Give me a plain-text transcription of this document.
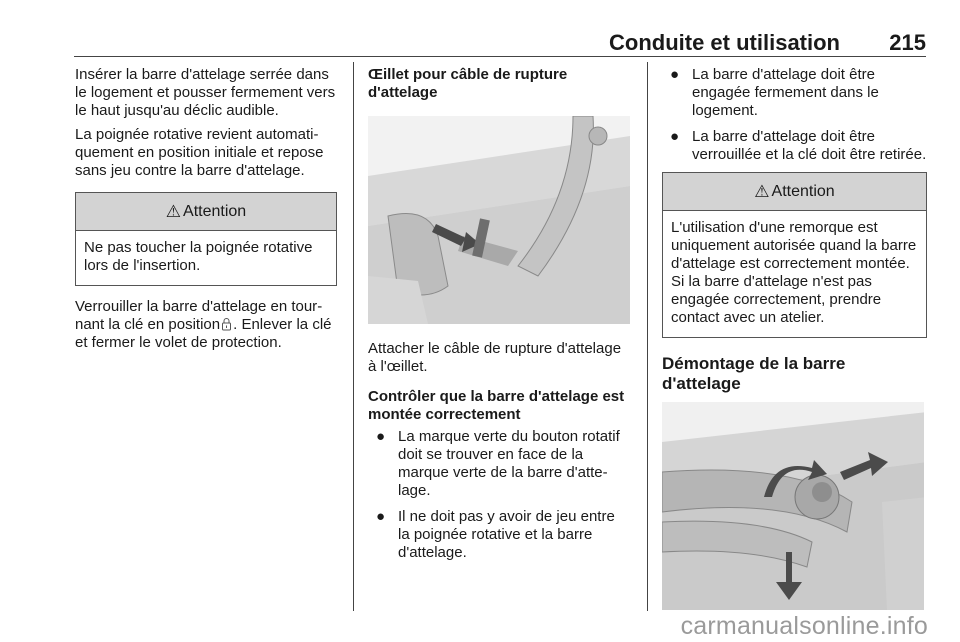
Conduite et utilisation 215

Insérer la barre d'attelage serrée dans le logement et pousser fermement vers le haut jusqu'au déclic audible.

La poignée rotative revient automatiquement en position initiale et repose sans jeu contre la barre d'attelage.

⚠ Attention
Ne pas toucher la poignée rotative lors de l'insertion.

Verrouiller la barre d'attelage en tournant la clé en position . Enlever la clé et fermer le volet de protection.

Œillet pour câble de rupture d'attelage

Attacher le câble de rupture d'attelage à l'œillet.

Contrôler que la barre d'attelage est montée correctement

● La marque verte du bouton rotatif doit se trouver en face de la marque verte de la barre d'attelage.
● Il ne doit pas y avoir de jeu entre la poignée rotative et la barre d'attelage.
● La barre d'attelage doit être engagée fermement dans le logement.
● La barre d'attelage doit être verrouillée et la clé doit être retirée.
⚠ Attention
L'utilisation d'une remorque est uniquement autorisée quand la barre d'attelage est correctement montée. Si la barre d'attelage n'est pas engagée correctement, prendre contact avec un atelier.

Démontage de la barre d'attelage

carmanualsonline.info
